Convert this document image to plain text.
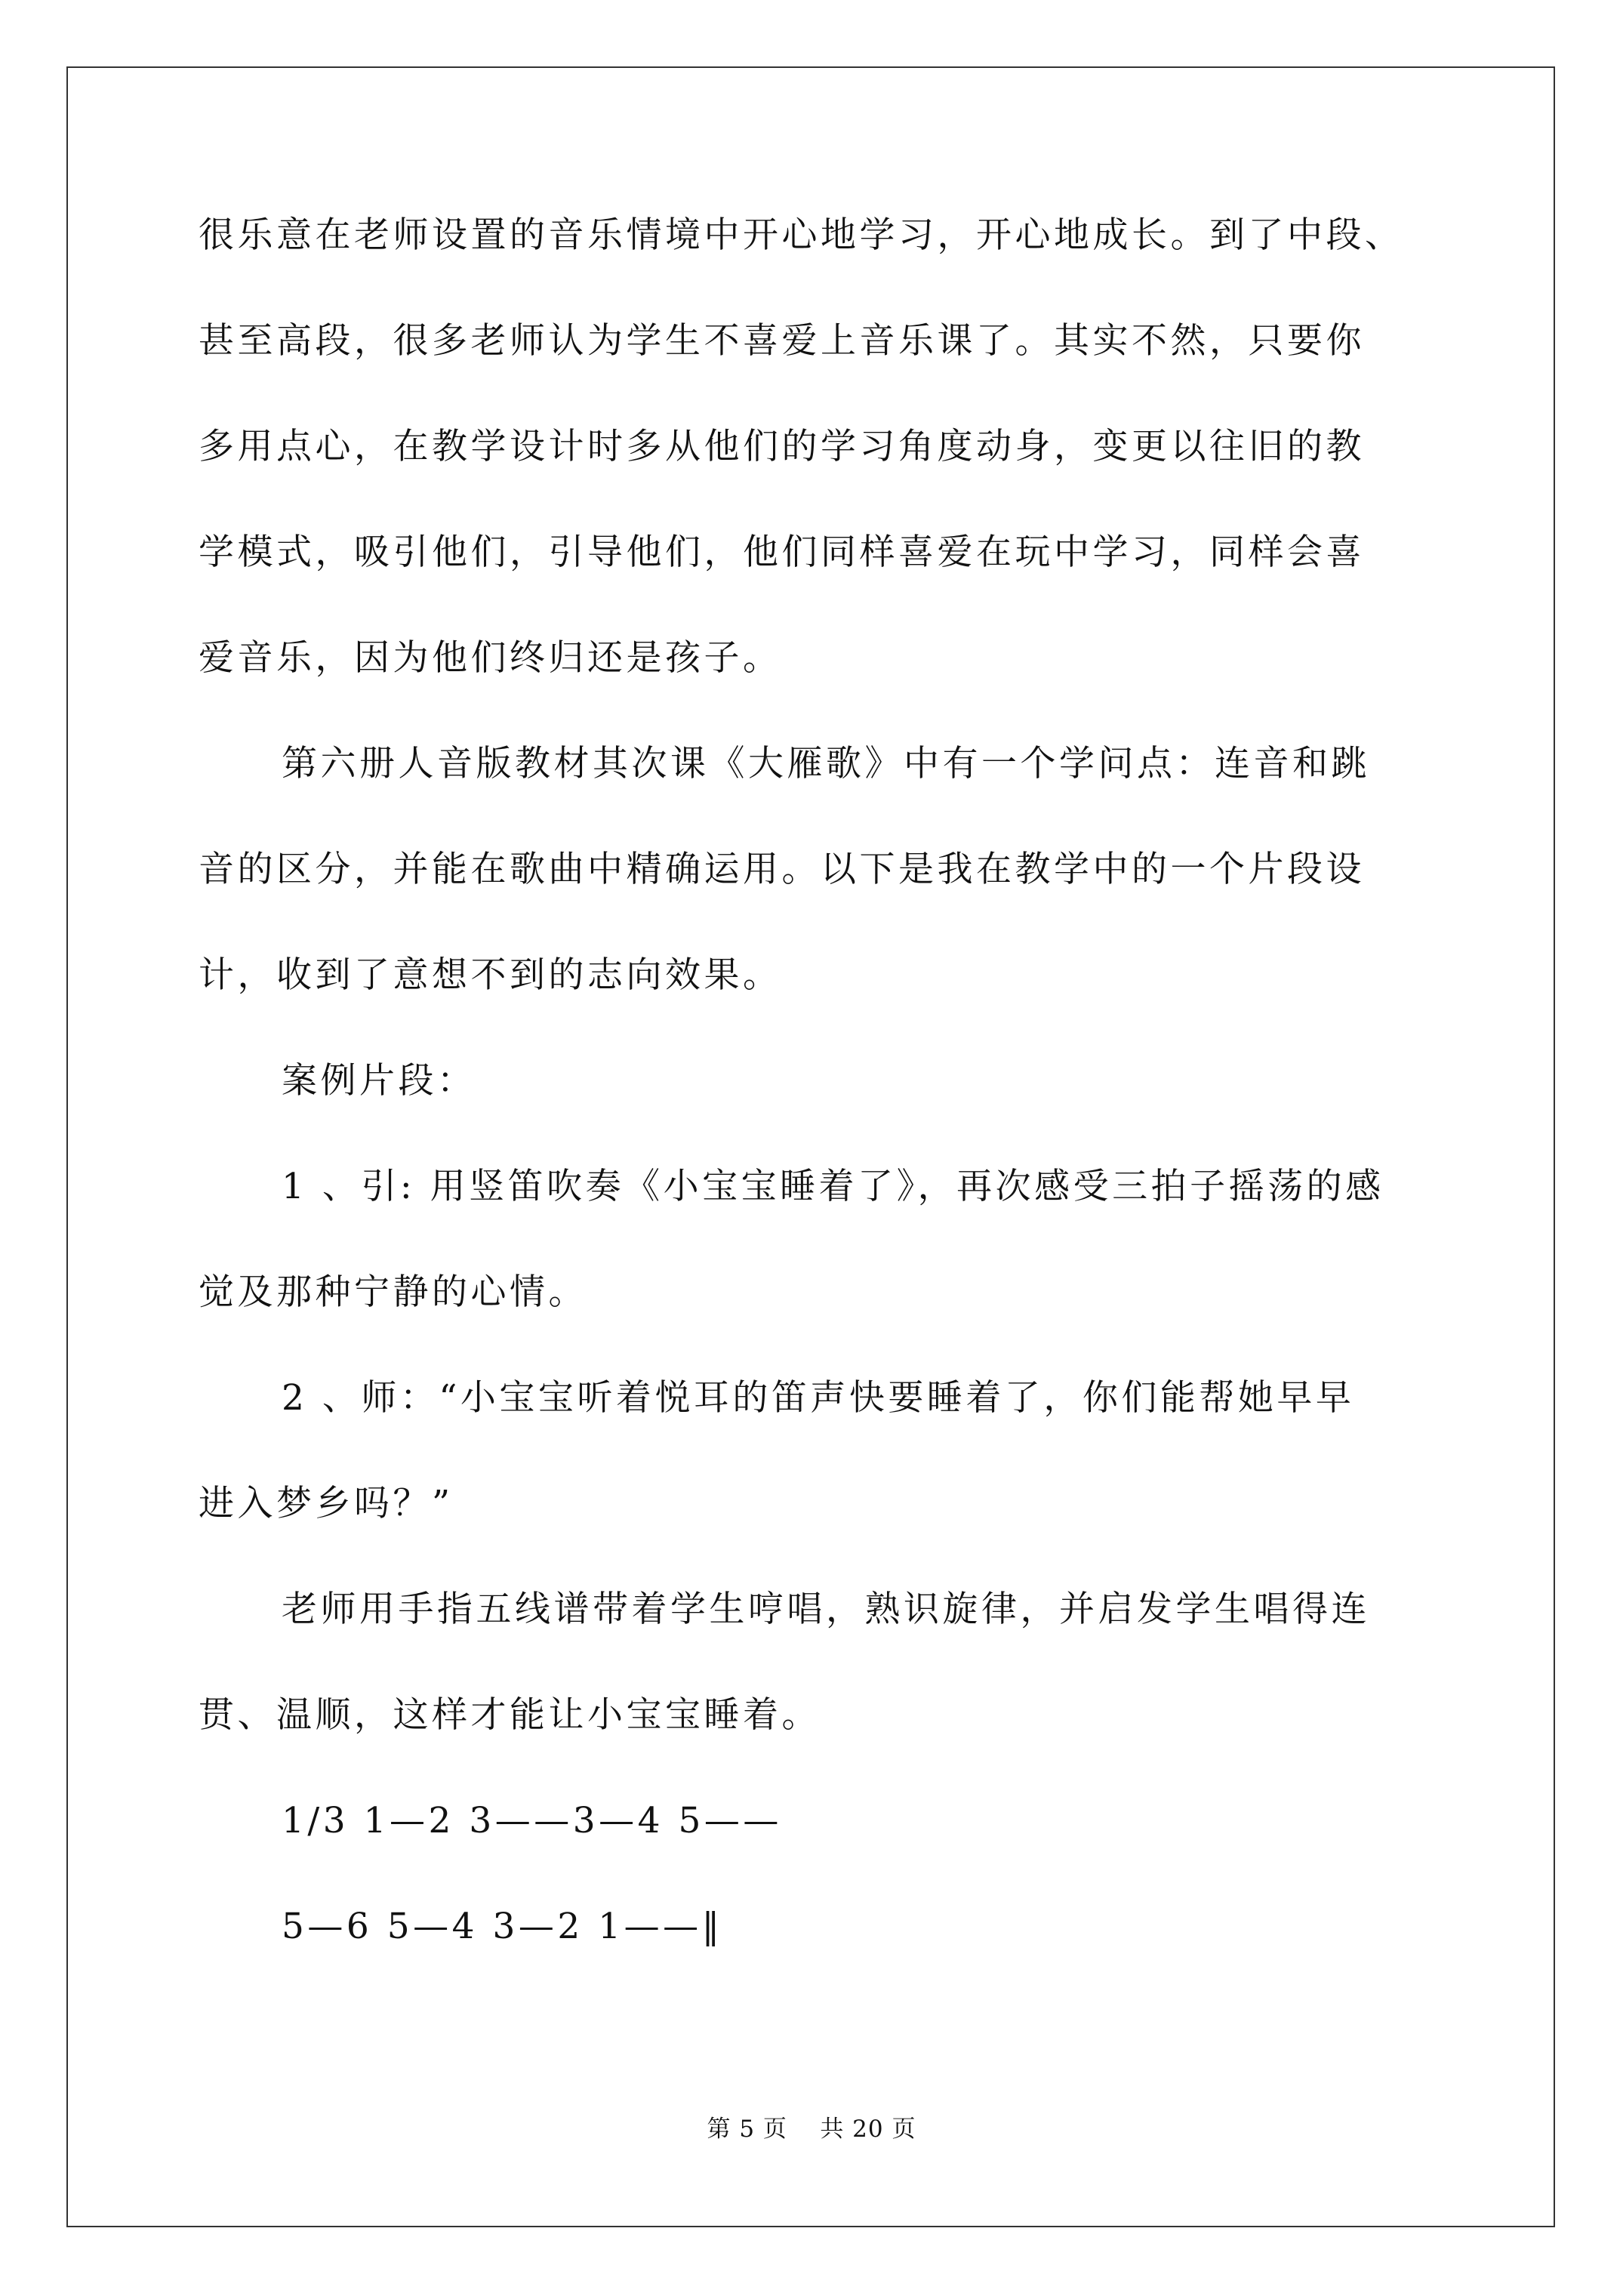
很乐意在老师设置的音乐情境中开心地学习，开心地成长。到了中段、
甚至高段，很多老师认为学生不喜爱上音乐课了。其实不然，只要你
多用点心，在教学设计时多从他们的学习角度动身，变更以往旧的教
学模式，吸引他们，引导他们，他们同样喜爱在玩中学习，同样会喜
爱音乐，因为他们终归还是孩子。
第六册人音版教材其次课《大雁歌》中有一个学问点：连音和跳
音的区分，并能在歌曲中精确运用。以下是我在教学中的一个片段设
计，收到了意想不到的志向效果。
案例片段：
1 、引: 用竖笛吹奏《小宝宝睡着了》，再次感受三拍子摇荡的感
觉及那种宁静的心情。
2 、师：“小宝宝听着悦耳的笛声快要睡着了，你们能帮她早早
进入梦乡吗？”
老师用手指五线谱带着学生哼唱，熟识旋律，并启发学生唱得连
贯、温顺，这样才能让小宝宝睡着。
1/3 1—2 3——3—4 5——
5—6 5—4 3—2 1——‖
第 5 页    共 20 页
